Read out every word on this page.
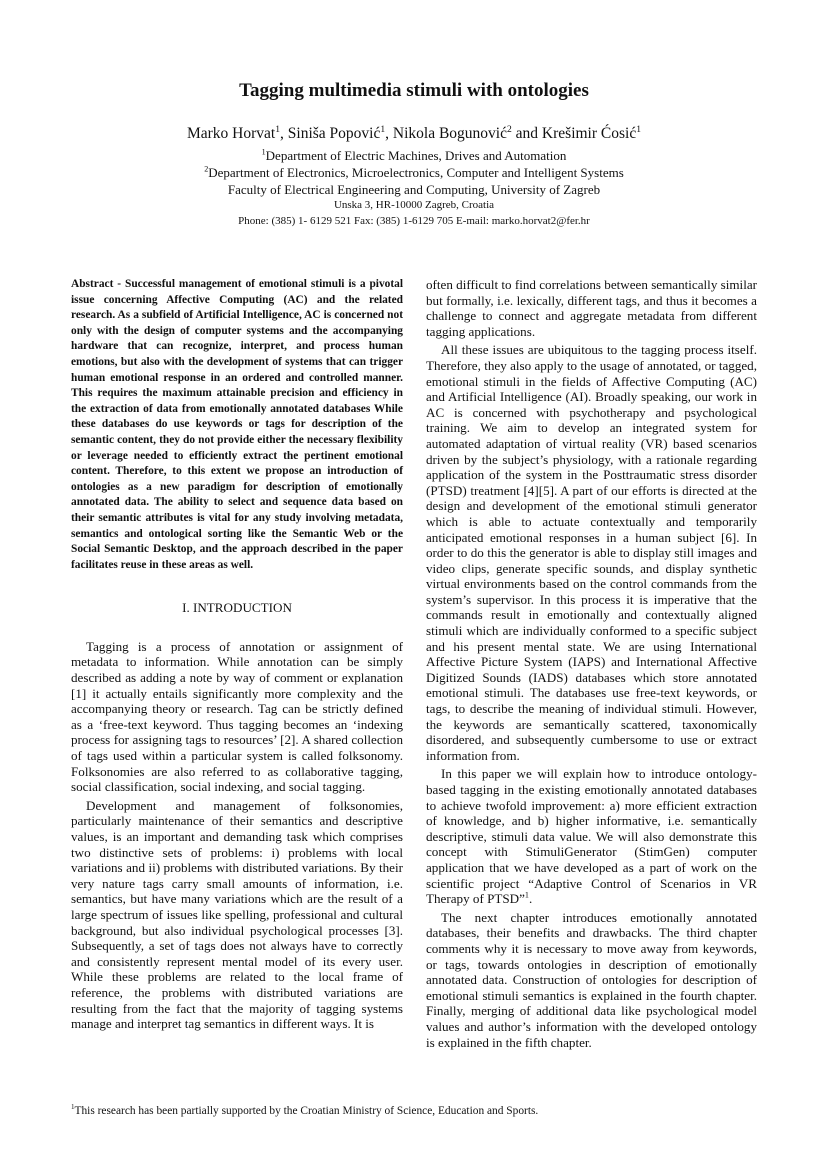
Tagging multimedia stimuli with ontologies
Marko Horvat$^1$, Siniša Popović$^1$, Nikola Bogunović$^2$ and Krešimir Ćosić$^1$
$^1$Department of Electric Machines, Drives and Automation
$^2$Department of Electronics, Microelectronics, Computer and Intelligent Systems
Faculty of Electrical Engineering and Computing, University of Zagreb
Unska 3, HR-10000 Zagreb, Croatia
Phone: (385) 1- 6129 521 Fax: (385) 1-6129 705 E-mail: marko.horvat2@fer.hr

Abstract - Successful management of emotional stimuli is a pivotal issue concerning Affective Computing (AC) and the related research. As a subfield of Artificial Intelligence, AC is concerned not only with the design of computer systems and the accompanying hardware that can recognize, interpret, and process human emotions, but also with the development of systems that can trigger human emotional response in an ordered and controlled manner. This requires the maximum attainable precision and efficiency in the extraction of data from emotionally annotated databases While these databases do use keywords or tags for description of the semantic content, they do not provide either the necessary flexibility or leverage needed to efficiently extract the pertinent emotional content. Therefore, to this extent we propose an introduction of ontologies as a new paradigm for description of emotionally annotated data. The ability to select and sequence data based on their semantic attributes is vital for any study involving metadata, semantics and ontological sorting like the Semantic Web or the Social Semantic Desktop, and the approach described in the paper facilitates reuse in these areas as well.

I. INTRODUCTION

Tagging is a process of annotation or assignment of metadata to information. While annotation can be simply described as adding a note by way of comment or explanation [1] it actually entails significantly more complexity and the accompanying theory or research. Tag can be strictly defined as a ‘free-text keyword. Thus tagging becomes an ‘indexing process for assigning tags to resources’ [2]. A shared collection of tags used within a particular system is called folksonomy. Folksonomies are also referred to as collaborative tagging, social classification, social indexing, and social tagging.

Development and management of folksonomies, particularly maintenance of their semantics and descriptive values, is an important and demanding task which comprises two distinctive sets of problems: i) problems with local variations and ii) problems with distributed variations. By their very nature tags carry small amounts of information, i.e. semantics, but have many variations which are the result of a large spectrum of issues like spelling, professional and cultural background, but also individual psychological processes [3]. Subsequently, a set of tags does not always have to correctly and consistently represent mental model of its every user. While these problems are related to the local frame of reference, the problems with distributed variations are resulting from the fact that the majority of tagging systems manage and interpret tag semantics in different ways. It is

often difficult to find correlations between semantically similar but formally, i.e. lexically, different tags, and thus it becomes a challenge to connect and aggregate metadata from different tagging applications.

All these issues are ubiquitous to the tagging process itself. Therefore, they also apply to the usage of annotated, or tagged, emotional stimuli in the fields of Affective Computing (AC) and Artificial Intelligence (AI). Broadly speaking, our work in AC is concerned with psychotherapy and psychological training. We aim to develop an integrated system for automated adaptation of virtual reality (VR) based scenarios driven by the subject’s physiology, with a rationale regarding application of the system in the Posttraumatic stress disorder (PTSD) treatment [4][5]. A part of our efforts is directed at the design and development of the emotional stimuli generator which is able to actuate contextually and temporarily anticipated emotional responses in a human subject [6]. In order to do this the generator is able to display still images and video clips, generate specific sounds, and display synthetic virtual environments based on the control commands from the system’s supervisor. In this process it is imperative that the commands result in emotionally and contextually aligned stimuli which are individually conformed to a specific subject and his present mental state. We are using International Affective Picture System (IAPS) and International Affective Digitized Sounds (IADS) databases which store annotated emotional stimuli. The databases use free-text keywords, or tags, to describe the meaning of individual stimuli. However, the keywords are semantically scattered, taxonomically disordered, and subsequently cumbersome to use or extract information from.

In this paper we will explain how to introduce ontology-based tagging in the existing emotionally annotated databases to achieve twofold improvement: a) more efficient extraction of knowledge, and b) higher informative, i.e. semantically descriptive, stimuli data value. We will also demonstrate this concept with StimuliGenerator (StimGen) computer application that we have developed as a part of work on the scientific project “Adaptive Control of Scenarios in VR Therapy of PTSD”$^1$.

The next chapter introduces emotionally annotated databases, their benefits and drawbacks. The third chapter comments why it is necessary to move away from keywords, or tags, towards ontologies in description of emotionally annotated data. Construction of ontologies for description of emotional stimuli semantics is explained in the fourth chapter. Finally, merging of additional data like psychological model values and author’s information with the developed ontology is explained in the fifth chapter.

$^1$This research has been partially supported by the Croatian Ministry of Science, Education and Sports.
